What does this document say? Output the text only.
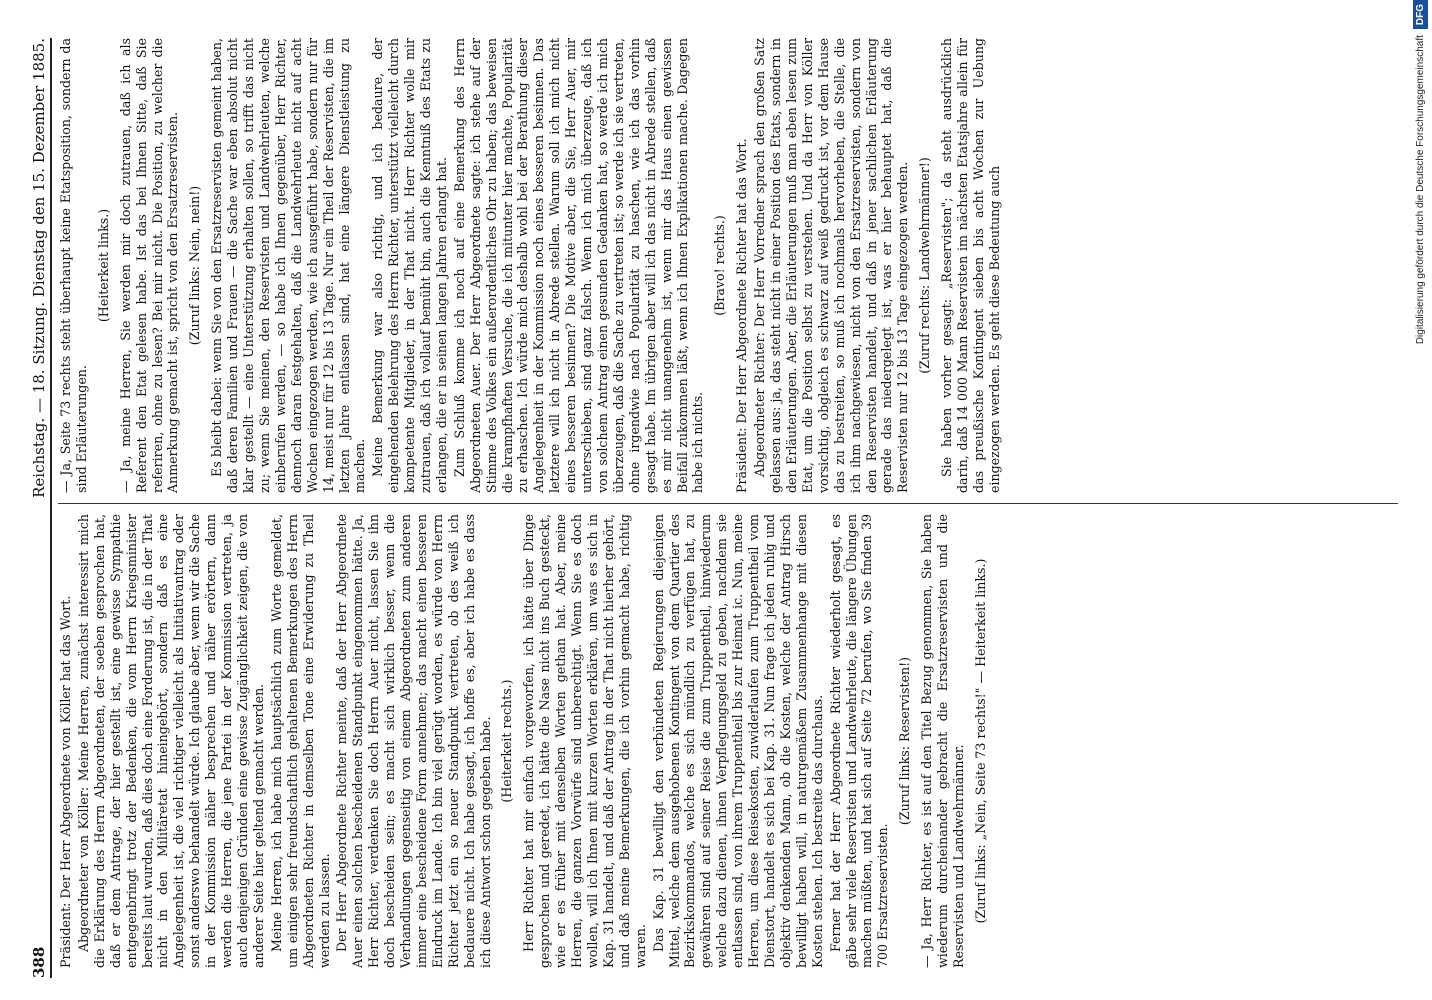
388
Reichstag. — 18. Sitzung. Dienstag den 15. Dezember 1885.

Präsident: Der Herr Abgeordnete von Köller hat das Wort. Abgeordneter von Köller: Meine Herren, zunächst interessirt mich die Erklärung des Herrn Abgeordneten, der soeben gesprochen hat, daß er dem Antrage, der hier gestellt ist, eine gewisse Sympathie entgegenbringt trotz der Bedenken, die vom Herrn Kriegsminister bereits laut wurden, daß dies doch eine Forderung ist, die in der That nicht in den Militäretat hineingehört, sondern daß es eine Angelegenheit ist, die viel richtiger vielleicht als Initiativantrag oder sonst anderswo behandelt würde. Ich glaube aber, wenn wir die Sache in der Kommission näher besprechen und näher erörtern, dann werden die Herren, die jene Partei in der Kommission vertreten, ja auch denjenigen Gründen eine gewisse Zugänglichkeit zeigen, die von anderer Seite hier geltend gemacht werden. Meine Herren, ich habe mich hauptsächlich zum Worte gemeldet, um einigen sehr freundschaftlich gehaltenen Bemerkungen des Herrn Abgeordneten Richter in demselben Tone eine Erwiderung zu Theil werden zu lassen. Der Herr Abgeordnete Richter meinte, daß der Herr Abgeordnete Auer einen solchen bescheidenen Standpunkt eingenommen hätte. Ja, Herr Richter, verdenken Sie doch Herrn Auer nicht, lassen Sie ihn doch bescheiden sein; es macht sich wirklich besser, wenn die Verhandlungen gegenseitig von einem Abgeordneten zum anderen immer eine bescheidene Form annehmen; das macht einen besseren Eindruck im Lande. Ich bin viel gerügt worden, es würde von Herrn Richter jetzt ein so neuer Standpunkt vertreten, ob des weiß ich bedauere nicht. Ich habe gesagt, ich hoffe es, aber ich habe es dass ich diese Antwort schon gegeben habe. (Heiterkeit rechts.) Herr Richter hat mir einfach vorgeworfen, ich hätte über Dinge gesprochen und geredet, ich hätte die Nase nicht ins Buch gesteckt, wie er es früher mit denselben Worten gethan hat. Aber, meine Herren, die ganzen Vorwürfe sind unberechtigt. Wenn Sie es doch wollen, will ich Ihnen mit kurzen Worten erklären, um was es sich in Kap. 31 handelt, und daß der Antrag in der That nicht hierher gehört, und daß meine Bemerkungen, die ich vorhin gemacht habe, richtig waren. Das Kap. 31 bewilligt den verbündeten Regierungen diejenigen Mittel, welche dem ausgehobenen Kontingent von dem Quartier des Bezirkskommandos, welche es sich mündlich zu verfügen hat, zu gewähren sind auf seiner Reise die zum Truppentheil, hinwiederum welche dazu dienen, ihnen Verpflegungsgeld zu geben, nachdem sie entlassen sind, von ihrem Truppentheil bis zur Heimat ic. Nun, meine Herren, um diese Reisekosten, zuwiderlaufen zum Truppentheil vom Dienstort, handelt es sich bei Kap. 31. Nun frage ich jeden ruhig und objektiv denkenden Mann, ob die Kosten, welche der Antrag Hirsch bewilligt haben will, in naturgemäßem Zusammenhange mit diesen Kosten stehen. Ich bestreite das durchaus. Ferner hat der Herr Abgeordnete Richter wiederholt gesagt, es gäbe sehr viele Reservisten und Landwehrleute, die längere Übungen machen müßten, und hat sich auf Seite 72 berufen, wo Sie finden 39 700 Ersatzreservisten.

(Zuruf links: Reservisten!) — Ja, Herr Richter, es ist auf den Titel Bezug genommen, Sie haben wiederum durcheinander gebracht die Ersatzreservisten und die Reservisten und Landwehrmänner. (Zuruf links: „Nein, Seite 73 rechts!" — Heiterkeit links.)

— Ja, Seite 73 rechts steht überhaupt keine Etatsposition, sondern da sind Erläuterungen.

(Heiterkeit links.) — Ja, meine Herren, Sie werden mir doch zutrauen, daß ich als Referent den Etat gelesen habe. Ist das bei Ihnen Sitte, daß Sie referiren, ohne zu lesen? Bei mir nicht. Die Position, zu welcher die Anmerkung gemacht ist, spricht von den Ersatzreservisten. (Zuruf links: Nein, nein!) Es bleibt dabei: wenn Sie von den Ersatzreservisten gemeint haben, daß deren Familien und Frauen — die Sache war eben absolut nicht klar gestellt — eine Unterstützung erhalten sollen, so trifft das nicht zu; wenn Sie meinen, den Reservisten und Landwehrleuten, welche einberufen werden, — so habe ich Ihnen gegenüber, Herr Richter, dennoch daran festgehalten, daß die Landwehrleute nicht auf acht Wochen eingezogen werden, wie ich ausgeführt habe, sondern nur für 14, meist nur für 12 bis 13 Tage. Nur ein Theil der Reservisten, die im letzten Jahre entlassen sind, hat eine längere Dienstleistung zu machen. Meine Bemerkung war also richtig, und ich bedaure, der eingehenden Belehrung des Herrn Richter, unterstützt vielleicht durch kompetente Mitglieder, in der That nicht. Herr Richter wolle mir zutrauen, daß ich vollauf bemüht bin, auch die Kenntniß des Etats zu erlangen, die er in seinen langen Jahren erlangt hat. Zum Schluß komme ich noch auf eine Bemerkung des Herrn Abgeordneten Auer. Der Herr Abgeordnete sagte: ich stehe auf der Stimme des Volkes ein außerordentliches Ohr zu haben; das beweisen die krampfhaften Versuche, die ich mitunter hier machte, Popularität zu erhaschen. Ich würde mich deshalb wohl bei der Berathung dieser Angelegenheit in der Kommission noch eines besseren besinnen. Das letztere will ich nicht in Abrede stellen. Warum soll ich mich nicht eines besseren besinnen? Die Motive aber, die Sie, Herr Auer, mir unterschieben, sind ganz falsch. Wenn ich mich überzeuge, daß ich von solchem Antrag einen gesunden Gedanken hat, so werde ich mich überzeugen, daß die Sache zu vertreten ist; so werde ich sie vertreten, ohne irgendwie nach Popularität zu haschen, wie ich das vorhin gesagt habe. Im übrigen aber will ich das nicht in Abrede stellen, daß es mir nicht unangenehm ist, wenn mir das Haus einen gewissen Beifall zukommen läßt, wenn ich Ihnen Explikationen mache. Dagegen habe ich nichts.

(Bravo! rechts.) Präsident: Der Herr Abgeordnete Richter hat das Wort. Abgeordneter Richter: Der Herr Vorredner sprach den großen Satz gelassen aus: ja, das steht nicht in einer Position des Etats, sondern in den Erläuterungen. Aber, die Erläuterungen muß man eben lesen zum Etat, um die Position selbst zu verstehen. Und da Herr von Köller vorsichtig, obgleich es schwarz auf weiß gedruckt ist, vor dem Hause das zu bestreiten, so muß ich nochmals hervorheben, die Stelle, die ich ihm nachgewiesen, nicht von den Ersatzreservisten, sondern von den Reservisten handelt, und daß in jener sachlichen Erläuterung gerade das niedergelegt ist, was er hier behauptet hat, daß die Reservisten nur 12 bis 13 Tage eingezogen werden. (Zuruf rechts: Landwehrmänner!) Sie haben vorher gesagt: „Reservisten"; da steht ausdrücklich darin, daß 14 000 Mann Reservisten im nächsten Etatsjahre allein für das preußische Kontingent sieben bis acht Wochen zur Uebung eingezogen werden. Es geht diese Bedeutung auch	Digitalisierung gefördert durch die Deutsche Forschungsgemeinschaft
DFG
